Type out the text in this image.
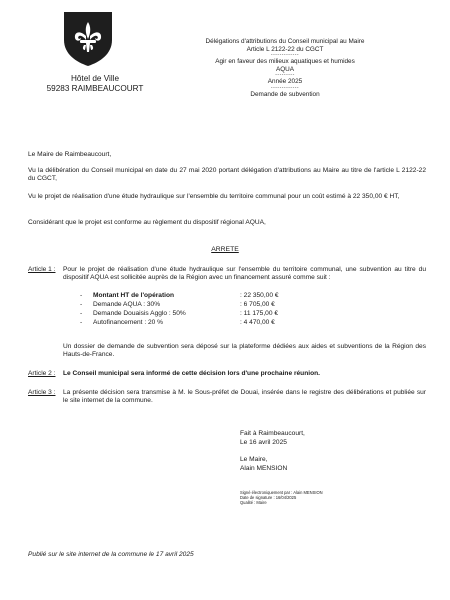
Hôtel de Ville
59283 RAIMBEAUCOURT
Délégations d'attributions du Conseil municipal au Maire
Article L 2122-22 du CGCT
-------------
Agir en faveur des milieux aquatiques et humides
AQUA
---------
Année 2025
-------------
Demande de subvention
Le Maire de Raimbeaucourt,
Vu la délibération du Conseil municipal en date du 27 mai 2020 portant délégation d'attributions au Maire au titre de l'article L 2122-22 du CGCT,
Vu le projet de réalisation d'une étude hydraulique sur l'ensemble du territoire communal pour un coût estimé à 22 350,00 € HT,
Considérant que le projet est conforme au règlement du dispositif régional AQUA,
ARRETE
Article 1 : Pour le projet de réalisation d'une étude hydraulique sur l'ensemble du territoire communal, une subvention au titre du dispositif AQUA est sollicitée auprès de la Région avec un financement assuré comme suit :
-	Montant HT de l'opération	: 22 350,00 €
-	Demande AQUA : 30%	: 6 705,00 €
-	Demande Douaisis Agglo : 50%	: 11 175,00 €
-	Autofinancement : 20 %	: 4 470,00 €
Un dossier de demande de subvention sera déposé sur la plateforme dédiées aux aides et subventions de la Région des Hauts-de-France.
Article 2 : Le Conseil municipal sera informé de cette décision lors d'une prochaine réunion.
Article 3 : La présente décision sera transmise à M. le Sous-préfet de Douai, insérée dans le registre des délibérations et publiée sur le site internet de la commune.
Fait à Raimbeaucourt,
Le 16 avril 2025
Le Maire,
Alain MENSION
Signé électroniquement par : Alain MENSION
Date de signature : 16/04/2025
Qualité : Maire
Publié sur le site internet de la commune le 17 avril 2025
